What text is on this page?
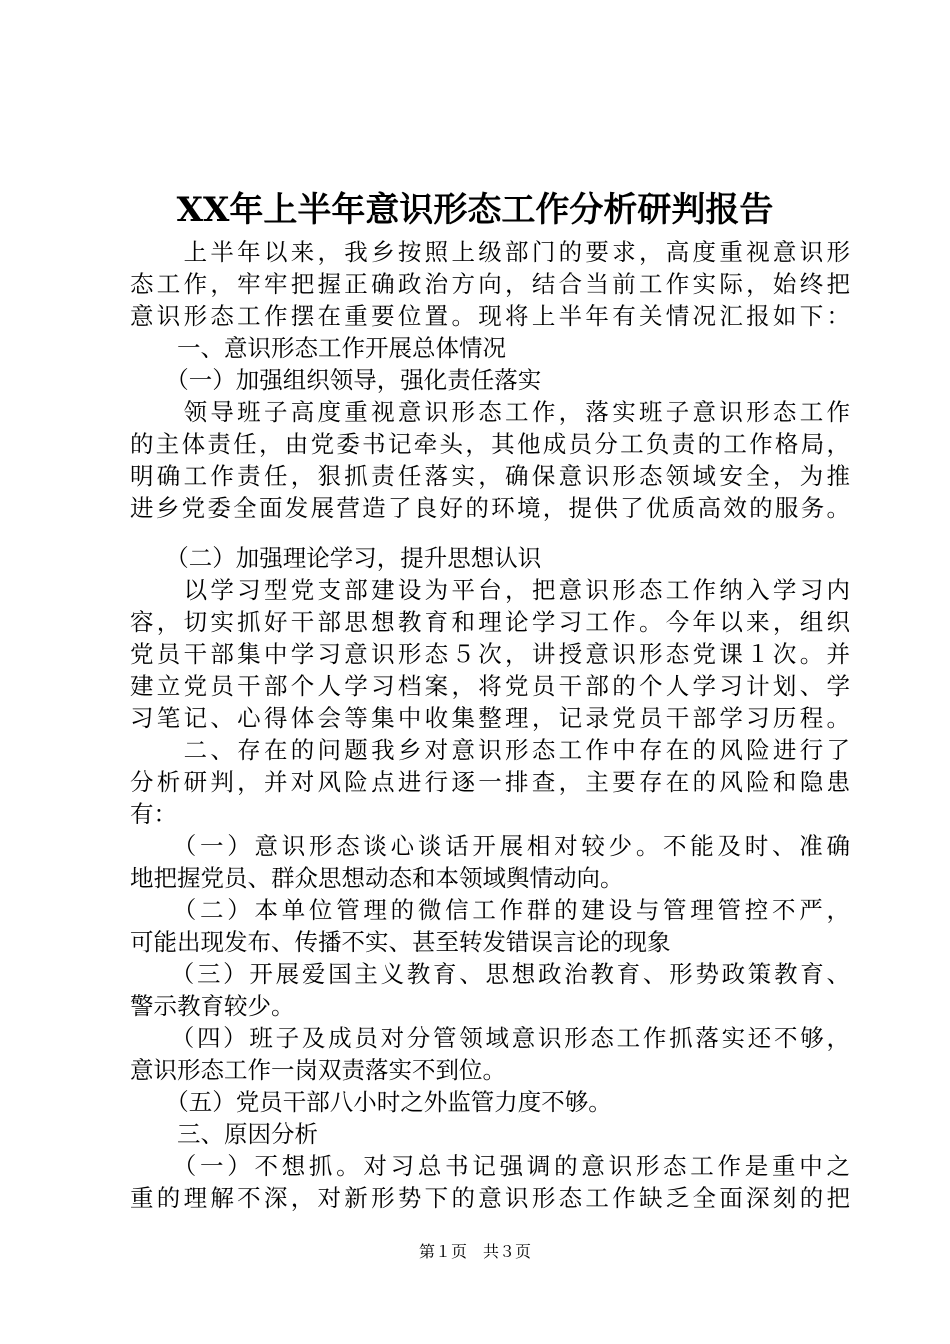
XX年上半年意识形态工作分析研判报告
　　上半年以来，我乡按照上级部门的要求，高度重视意识形
态工作，牢牢把握正确政治方向，结合当前工作实际，始终把
意识形态工作摆在重要位置。现将上半年有关情况汇报如下：
　　一、意识形态工作开展总体情况
　　（一）加强组织领导，强化责任落实
　　领导班子高度重视意识形态工作，落实班子意识形态工作
的主体责任，由党委书记牵头，其他成员分工负责的工作格局，
明确工作责任，狠抓责任落实，确保意识形态领域安全，为推
进乡党委全面发展营造了良好的环境，提供了优质高效的服务。
　　（二）加强理论学习，提升思想认识
　　以学习型党支部建设为平台，把意识形态工作纳入学习内
容，切实抓好干部思想教育和理论学习工作。今年以来，组织
党员干部集中学习意识形态５次，讲授意识形态党课１次。并
建立党员干部个人学习档案，将党员干部的个人学习计划、学
习笔记、心得体会等集中收集整理，记录党员干部学习历程。
　　二、存在的问题我乡对意识形态工作中存在的风险进行了
分析研判，并对风险点进行逐一排查，主要存在的风险和隐患
有：
　　（一）意识形态谈心谈话开展相对较少。不能及时、准确
地把握党员、群众思想动态和本领域舆情动向。
　　（二）本单位管理的微信工作群的建设与管理管控不严，
可能出现发布、传播不实、甚至转发错误言论的现象
　　（三）开展爱国主义教育、思想政治教育、形势政策教育、
警示教育较少。
　　（四）班子及成员对分管领域意识形态工作抓落实还不够，
意识形态工作一岗双责落实不到位。
　　（五）党员干部八小时之外监管力度不够。
　　三、原因分析
　　（一）不想抓。对习总书记强调的意识形态工作是重中之
重的理解不深，对新形势下的意识形态工作缺乏全面深刻的把
第１页　共３页
